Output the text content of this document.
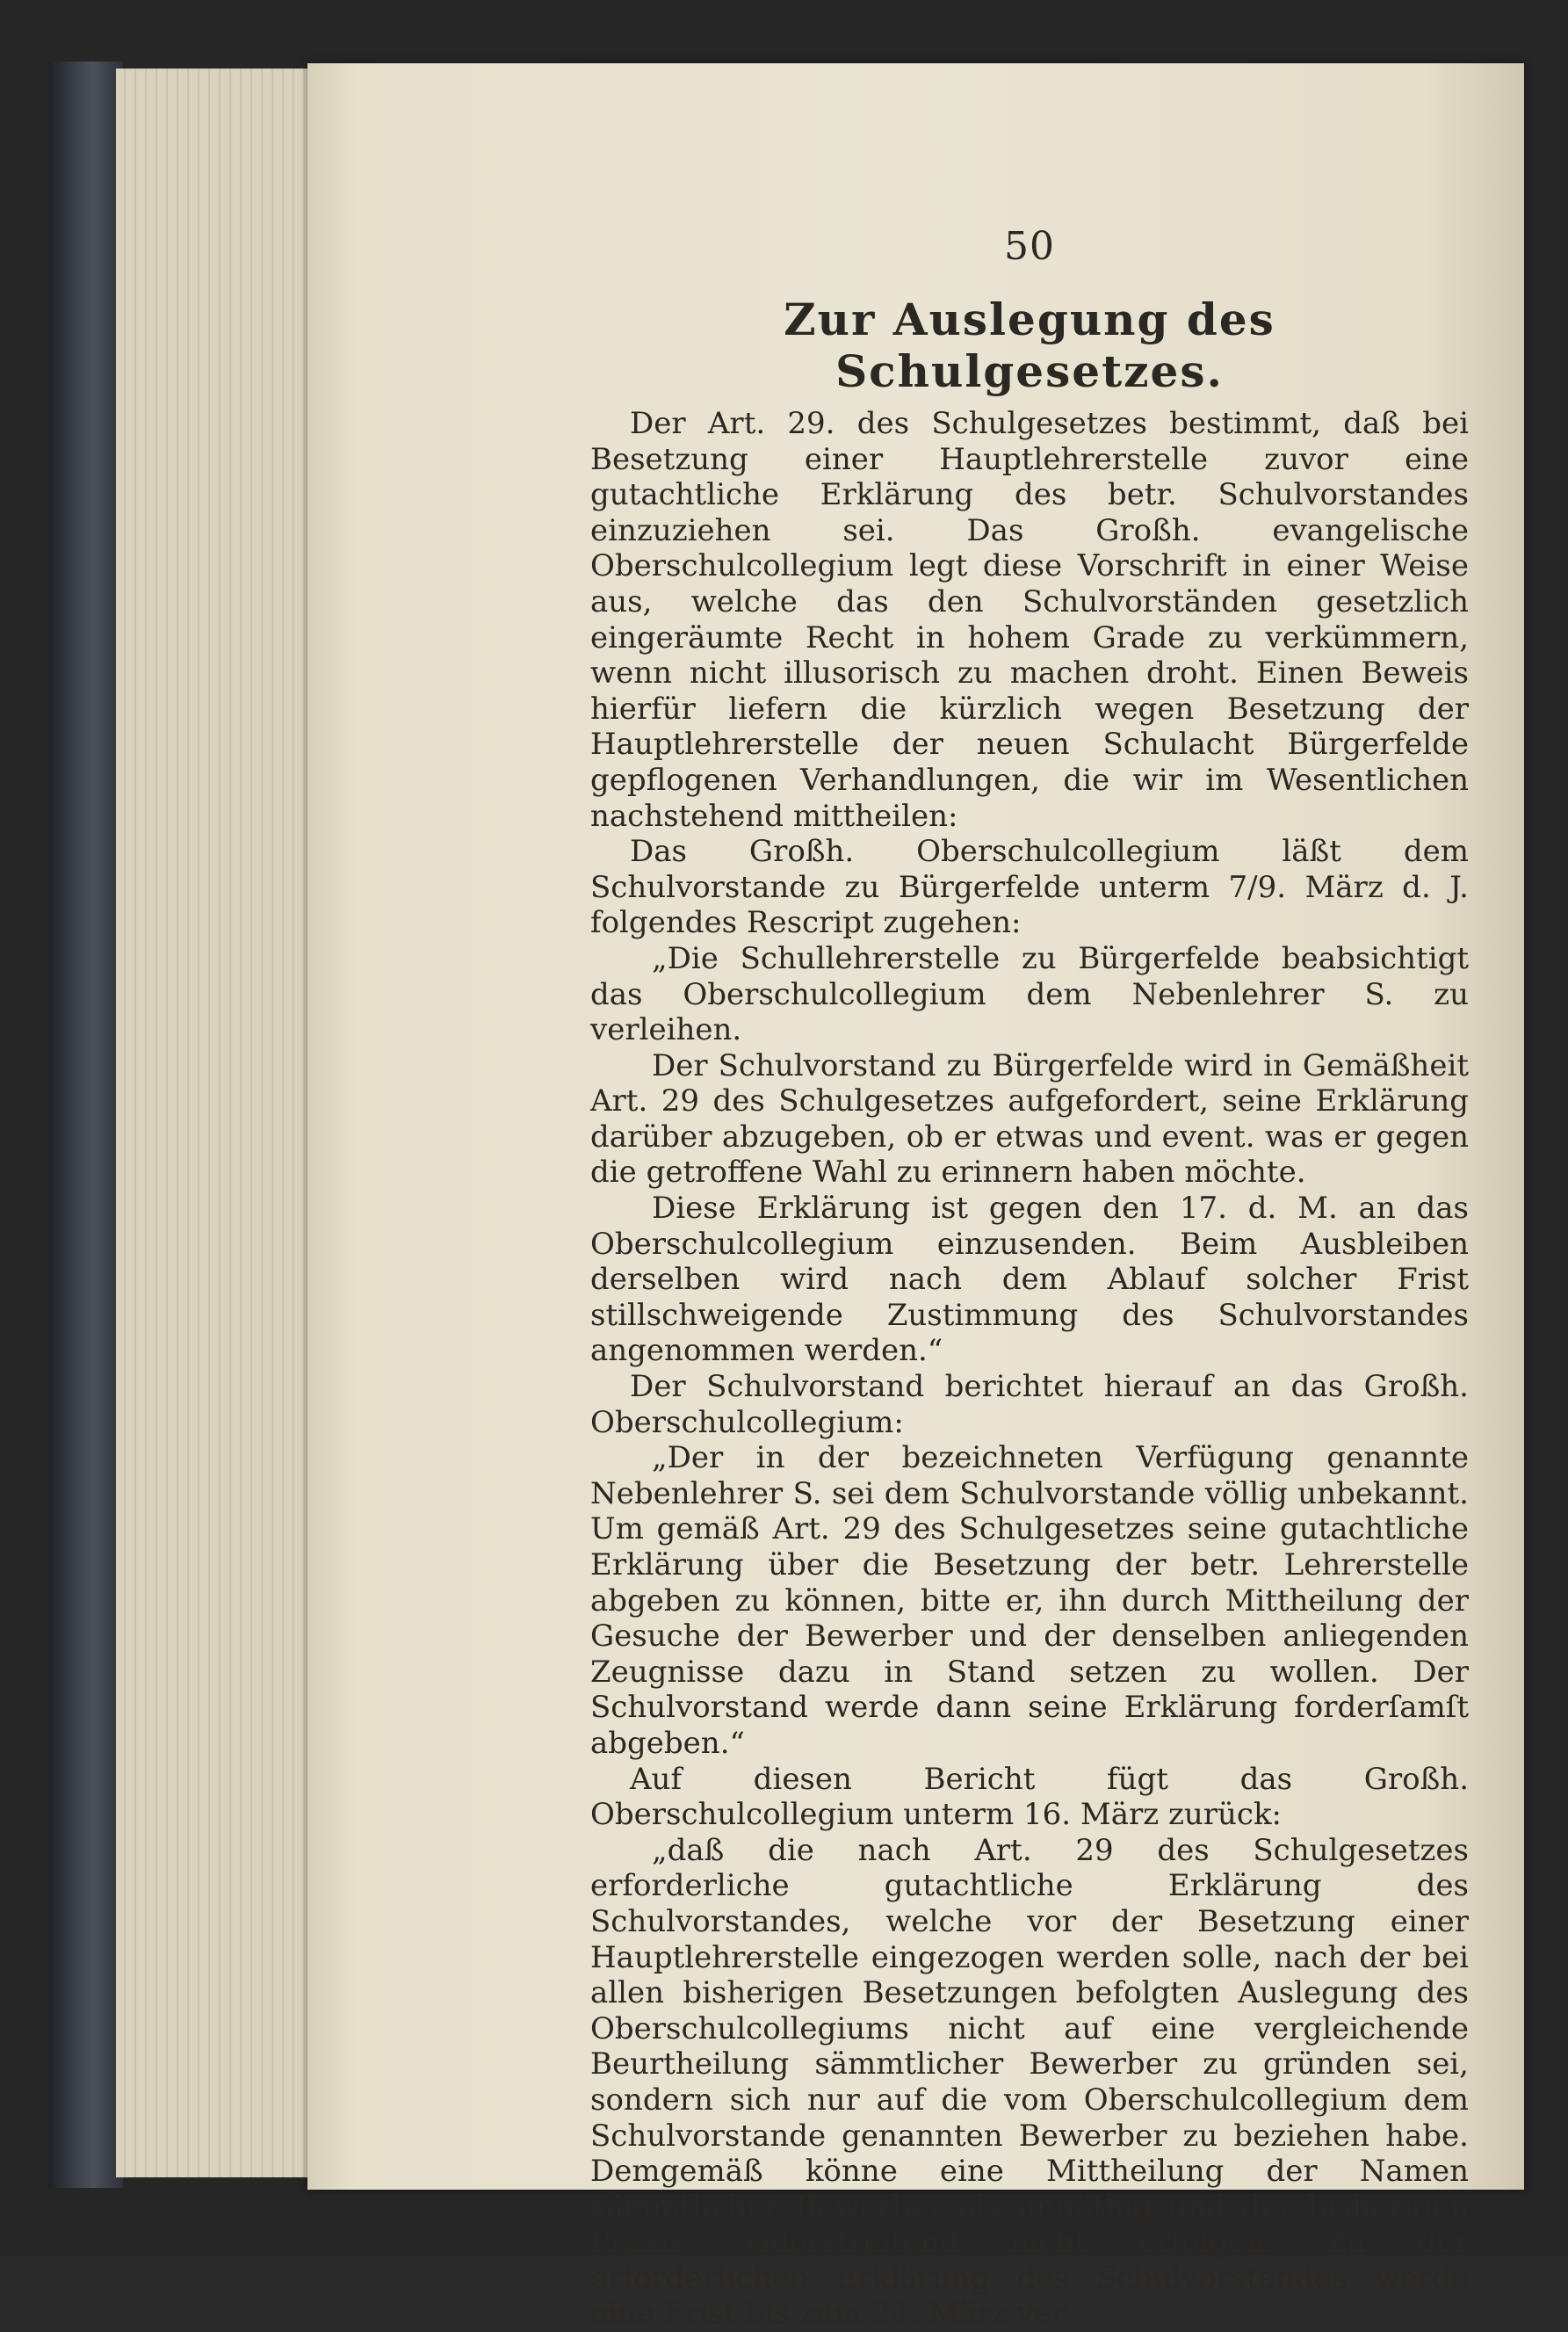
50
Zur Auslegung des Schulgesetzes.

Der Art. 29. des Schulgesetzes bestimmt, daß bei Besetzung einer Hauptlehrerstelle zuvor eine gutachtliche Erklärung des betr. Schulvorstandes einzuziehen sei. Das Großh. evangelische Oberschulcollegium legt diese Vorschrift in einer Weise aus, welche das den Schulvorständen gesetzlich eingeräumte Recht in hohem Grade zu verkümmern, wenn nicht illusorisch zu machen droht. Einen Beweis hierfür liefern die kürzlich wegen Besetzung der Hauptlehrerstelle der neuen Schulacht Bürgerfelde gepflogenen Verhandlungen, die wir im Wesentlichen nachstehend mittheilen:

Das Großh. Oberschulcollegium läßt dem Schulvorstande zu Bürgerfelde unterm 7/9. März d. J. folgendes Rescript zugehen:

„Die Schullehrerstelle zu Bürgerfelde beabsichtigt das Oberschulcollegium dem Nebenlehrer S. zu verleihen.

Der Schulvorstand zu Bürgerfelde wird in Gemäßheit Art. 29 des Schulgesetzes aufgefordert, seine Erklärung darüber abzugeben, ob er etwas und event. was er gegen die getroffene Wahl zu erinnern haben möchte.

Diese Erklärung ist gegen den 17. d. M. an das Oberschulcollegium einzusenden. Beim Ausbleiben derselben wird nach dem Ablauf solcher Frist stillschweigende Zustimmung des Schulvorstandes angenommen werden.“

Der Schulvorstand berichtet hierauf an das Großh. Oberschulcollegium:

„Der in der bezeichneten Verfügung genannte Nebenlehrer S. sei dem Schulvorstande völlig unbekannt. Um gemäß Art. 29 des Schulgesetzes seine gutachtliche Erklärung über die Besetzung der betr. Lehrerstelle abgeben zu können, bitte er, ihn durch Mittheilung der Gesuche der Bewerber und der denselben anliegenden Zeugnisse dazu in Stand setzen zu wollen. Der Schulvorstand werde dann seine Erklärung forderſamſt abgeben.“

Auf diesen Bericht fügt das Großh. Oberschulcollegium unterm 16. März zurück:

„daß die nach Art. 29 des Schulgesetzes erforderliche gutachtliche Erklärung des Schulvorstandes, welche vor der Besetzung einer Hauptlehrerstelle eingezogen werden solle, nach der bei allen bisherigen Besetzungen befolgten Auslegung des Oberschulcollegiums nicht auf eine vergleichende Beurtheilung sämmtlicher Bewerber zu gründen sei, sondern sich nur auf die vom Oberschulcollegium dem Schulvorstande genannten Bewerber zu beziehen habe. Demgemäß könne eine Mittheilung der Namen sämmtlicher Bewerber als unnöthig und der bisherigen Praxis widerstreitend nicht erfolgen. Zu der erforderlichen Erklärung des Schulvorstandes werde eine Frist bis zum 24. März ver-
